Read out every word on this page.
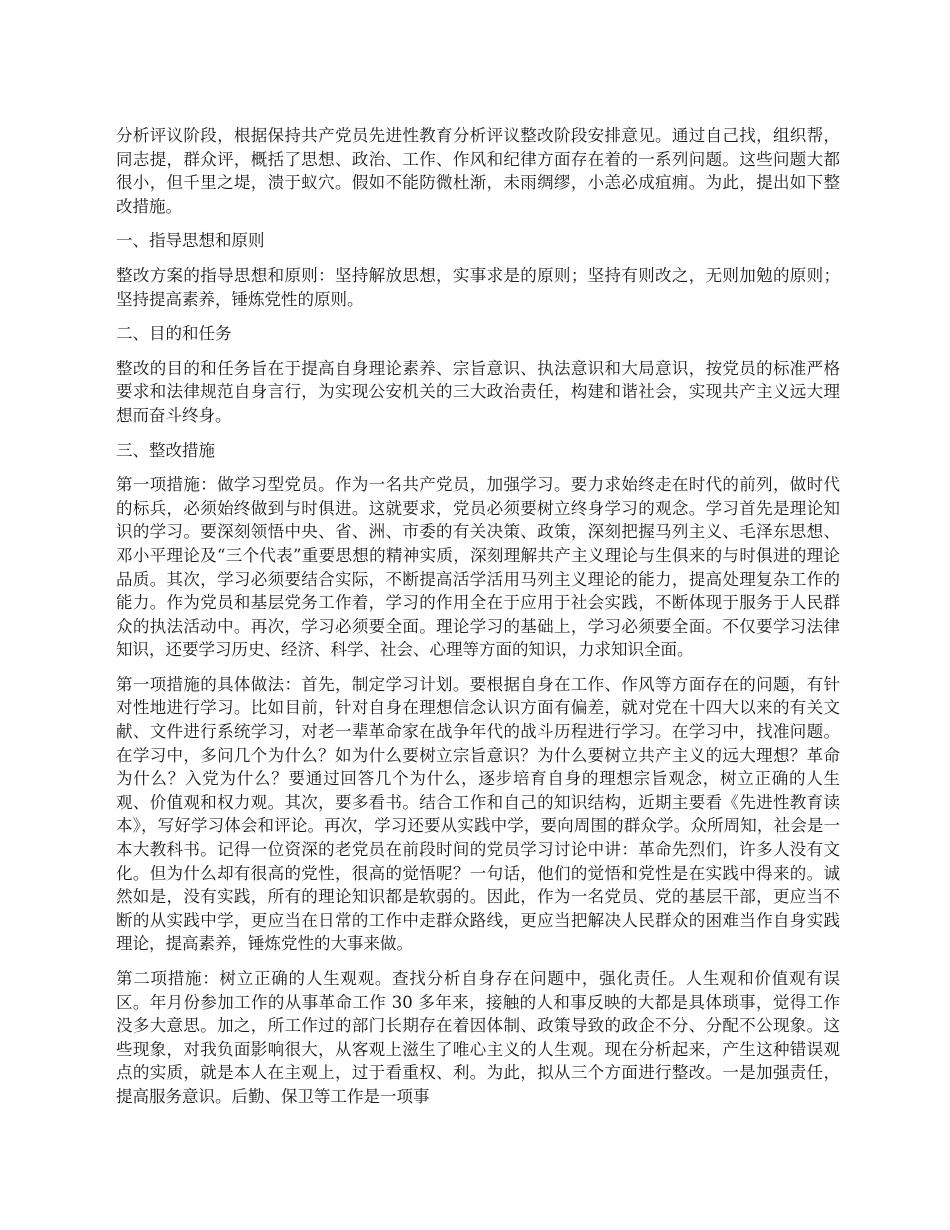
分析评议阶段，根据保持共产党员先进性教育分析评议整改阶段安排意见。通过自己找，组织帮，同志提，群众评，概括了思想、政治、工作、作风和纪律方面存在着的一系列问题。这些问题大都很小，但千里之堤，溃于蚁穴。假如不能防微杜渐，未雨绸缪，小恙必成疽痈。为此，提出如下整改措施。

一、指导思想和原则

整改方案的指导思想和原则：坚持解放思想，实事求是的原则；坚持有则改之，无则加勉的原则；坚持提高素养，锤炼党性的原则。

二、目的和任务

整改的目的和任务旨在于提高自身理论素养、宗旨意识、执法意识和大局意识，按党员的标准严格要求和法律规范自身言行，为实现公安机关的三大政治责任，构建和谐社会，实现共产主义远大理想而奋斗终身。

三、整改措施

第一项措施：做学习型党员。作为一名共产党员，加强学习。要力求始终走在时代的前列，做时代的标兵，必须始终做到与时俱进。这就要求，党员必须要树立终身学习的观念。学习首先是理论知识的学习。要深刻领悟中央、省、洲、市委的有关决策、政策，深刻把握马列主义、毛泽东思想、邓小平理论及“三个代表”重要思想的精神实质，深刻理解共产主义理论与生俱来的与时俱进的理论品质。其次，学习必须要结合实际，不断提高活学活用马列主义理论的能力，提高处理复杂工作的能力。作为党员和基层党务工作着，学习的作用全在于应用于社会实践，不断体现于服务于人民群众的执法活动中。再次，学习必须要全面。理论学习的基础上，学习必须要全面。不仅要学习法律知识，还要学习历史、经济、科学、社会、心理等方面的知识，力求知识全面。

第一项措施的具体做法：首先，制定学习计划。要根据自身在工作、作风等方面存在的问题，有针对性地进行学习。比如目前，针对自身在理想信念认识方面有偏差，就对党在十四大以来的有关文献、文件进行系统学习，对老一辈革命家在战争年代的战斗历程进行学习。在学习中，找准问题。在学习中，多问几个为什么？如为什么要树立宗旨意识？为什么要树立共产主义的远大理想？革命为什么？入党为什么？要通过回答几个为什么，逐步培育自身的理想宗旨观念，树立正确的人生观、价值观和权力观。其次，要多看书。结合工作和自己的知识结构，近期主要看《先进性教育读本》，写好学习体会和评论。再次，学习还要从实践中学，要向周围的群众学。众所周知，社会是一本大教科书。记得一位资深的老党员在前段时间的党员学习讨论中讲：革命先烈们，许多人没有文化。但为什么却有很高的党性，很高的觉悟呢？一句话，他们的觉悟和党性是在实践中得来的。诚然如是，没有实践，所有的理论知识都是软弱的。因此，作为一名党员、党的基层干部，更应当不断的从实践中学，更应当在日常的工作中走群众路线，更应当把解决人民群众的困难当作自身实践理论，提高素养，锤炼党性的大事来做。

第二项措施：树立正确的人生观观。查找分析自身存在问题中，强化责任。人生观和价值观有误区。年月份参加工作的从事革命工作 30 多年来，接触的人和事反映的大都是具体琐事，觉得工作没多大意思。加之，所工作过的部门长期存在着因体制、政策导致的政企不分、分配不公现象。这些现象，对我负面影响很大，从客观上滋生了唯心主义的人生观。现在分析起来，产生这种错误观点的实质，就是本人在主观上，过于看重权、利。为此，拟从三个方面进行整改。一是加强责任，提高服务意识。后勤、保卫等工作是一项事
